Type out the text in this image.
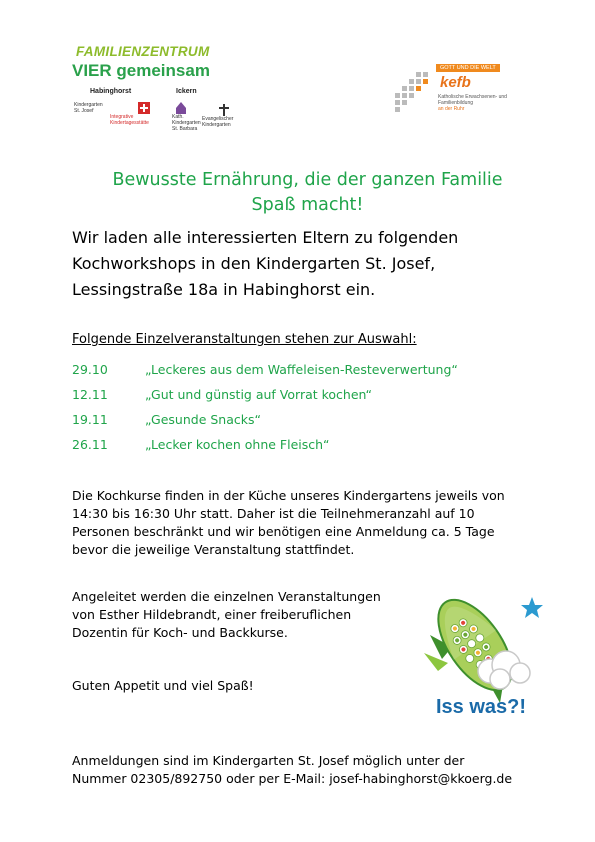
FAMILIENZENTRUM
VIER gemeinsam
Habinghorst	Ickern
Kindergarten St. Josef
Integrative Kindertagesstätte
Kath. Kindergarten St. Barbara
Evangelischer Kindergarten
GOTT UND DIE WELT
kefb
Katholische Erwachsenen- und Familienbildung
an der Ruhr
Bewusste Ernährung, die der ganzen Familie
Spaß macht!
Wir laden alle interessierten Eltern zu folgenden
Kochworkshops in den Kindergarten St. Josef,
Lessingstraße 18a in Habinghorst ein.
Folgende Einzelveranstaltungen stehen zur Auswahl:
29.10	„Leckeres aus dem Waffeleisen-Resteverwertung“
12.11	„Gut und günstig auf Vorrat kochen“
19.11	„Gesunde Snacks“
26.11	„Lecker kochen ohne Fleisch“
Die Kochkurse finden in der Küche unseres Kindergartens jeweils von
14:30 bis 16:30 Uhr statt. Daher ist die Teilnehmeranzahl auf 10
Personen beschränkt und wir benötigen eine Anmeldung ca. 5 Tage
bevor die jeweilige Veranstaltung stattfindet.
Angeleitet werden die einzelnen Veranstaltungen
von Esther Hildebrandt, einer freiberuflichen
Dozentin für Koch- und Backkurse.
Guten Appetit und viel Spaß!
Iss was?!
Anmeldungen sind im Kindergarten St. Josef möglich unter der
Nummer 02305/892750 oder per E-Mail: josef-habinghorst@kkoerg.de
